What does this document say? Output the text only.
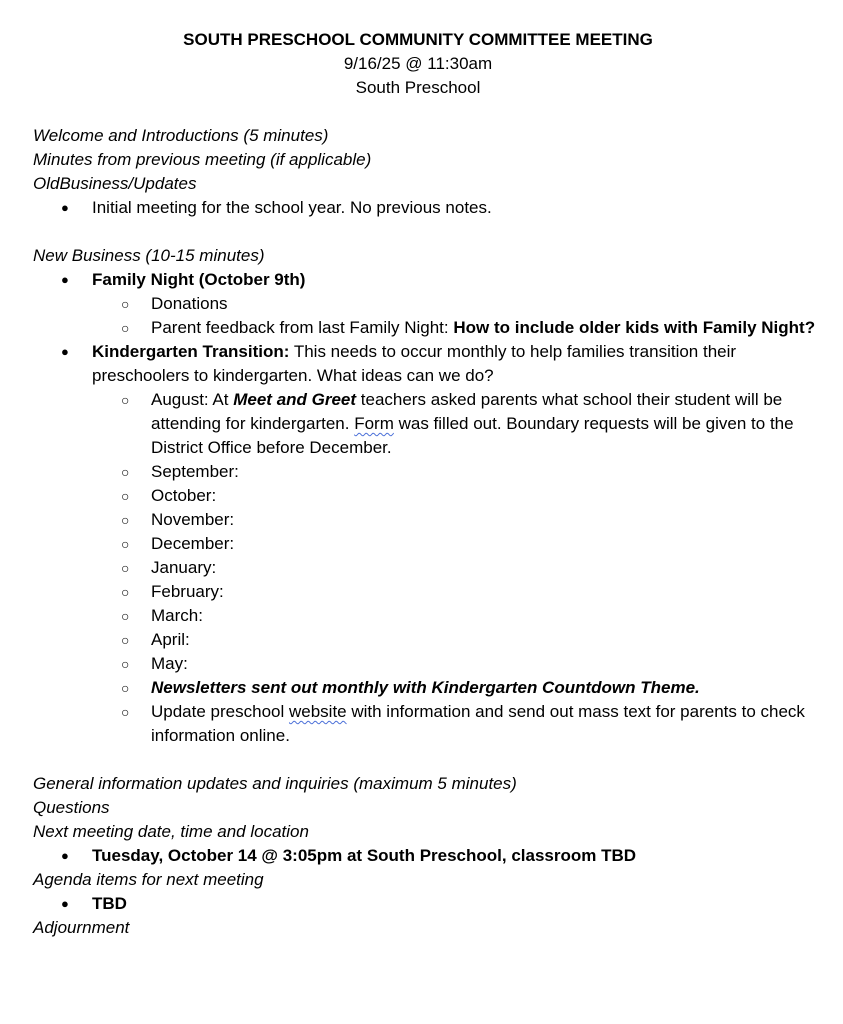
SOUTH PRESCHOOL COMMUNITY COMMITTEE MEETING
9/16/25 @ 11:30am
South Preschool
Welcome and Introductions (5 minutes)
Minutes from previous meeting (if applicable)
OldBusiness/Updates
● Initial meeting for the school year. No previous notes.
New Business (10-15 minutes)
● Family Night (October 9th)
○ Donations
○ Parent feedback from last Family Night: How to include older kids with Family Night?
● Kindergarten Transition: This needs to occur monthly to help families transition their preschoolers to kindergarten. What ideas can we do?
○ August: At Meet and Greet teachers asked parents what school their student will be attending for kindergarten. Form was filled out. Boundary requests will be given to the District Office before December.
○ September:
○ October:
○ November:
○ December:
○ January:
○ February:
○ March:
○ April:
○ May:
○ Newsletters sent out monthly with Kindergarten Countdown Theme.
○ Update preschool website with information and send out mass text for parents to check information online.
General information updates and inquiries (maximum 5 minutes)
Questions
Next meeting date, time and location
● Tuesday, October 14 @ 3:05pm at South Preschool, classroom TBD
Agenda items for next meeting
● TBD
Adjournment
